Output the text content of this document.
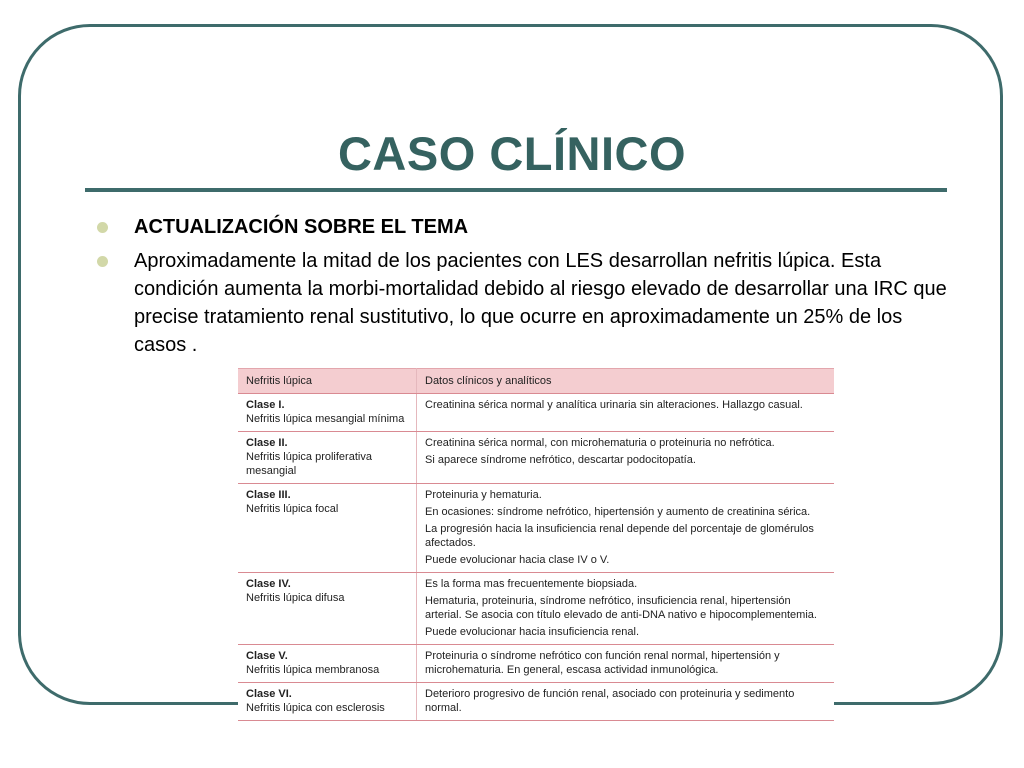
CASO CLÍNICO
ACTUALIZACIÓN SOBRE EL TEMA
Aproximadamente la mitad de los pacientes con LES desarrollan nefritis lúpica. Esta condición aumenta la morbi-mortalidad debido al riesgo elevado de desarrollar una IRC que precise tratamiento renal sustitutivo, lo que ocurre en aproximadamente un 25% de los casos .
Nefritis lúpica	Datos clínicos y analíticos

Clase I.
Nefritis lúpica mesangial mínima	Creatinina sérica normal y analítica urinaria sin alteraciones. Hallazgo casual.

Clase II.
Nefritis lúpica proliferativa mesangial	Creatinina sérica normal, con microhematuria o proteinuria no nefrótica.
Si aparece síndrome nefrótico, descartar podocitopatía.

Clase III.
Nefritis lúpica focal	Proteinuria y hematuria.
En ocasiones: síndrome nefrótico, hipertensión y aumento de creatinina sérica.
La progresión hacia la insuficiencia renal depende del porcentaje de glomérulos afectados.
Puede evolucionar hacia clase IV o V.

Clase IV.
Nefritis lúpica difusa	Es la forma mas frecuentemente biopsiada.
Hematuria, proteinuria, síndrome nefrótico, insuficiencia renal, hipertensión arterial. Se asocia con título elevado de anti-DNA nativo e hipocomplementemia.
Puede evolucionar hacia insuficiencia renal.

Clase V.
Nefritis lúpica membranosa	Proteinuria o síndrome nefrótico con función renal normal, hipertensión y microhematuria. En general, escasa actividad inmunológica.

Clase VI.
Nefritis lúpica con esclerosis	Deterioro progresivo de función renal, asociado con proteinuria y sedimento normal.
